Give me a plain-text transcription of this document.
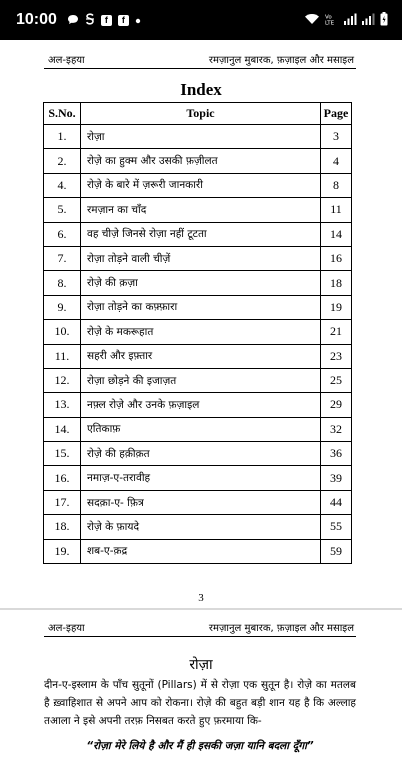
10:00	f	f	Vo
LTE
अल-इहया	रमज़ानुल मुबारक, फ़ज़ाइल और मसाइल
Index
S.No.	Topic	Page
1.	रोज़ा	3
2.	रोज़े का हुक्म और उसकी फ़ज़ीलत	4
4.	रोज़े के बारे में ज़रूरी जानकारी	8
5.	रमज़ान का चाँद	11
6.	वह चीज़े जिनसे रोज़ा नहीं टूटता	14
7.	रोज़ा तोड़ने वाली चीज़ें	16
8.	रोज़े की क़ज़ा	18
9.	रोज़ा तोड़ने का कफ़्फ़ारा	19
10.	रोज़े के मकरूहात	21
11.	सहरी और इफ़्तार	23
12.	रोज़ा छोड़ने की इजाज़त	25
13.	नफ़्ल रोज़े और उनके फ़ज़ाइल	29
14.	एतिकाफ़	32
15.	रोज़े की हक़ीक़त	36
16.	नमाज़-ए-तरावीह	39
17.	सदक़ा-ए- फ़ित्र	44
18.	रोज़े के फ़ायदे	55
19.	शब-ए-क़द्र	59
3
अल-इहया	रमज़ानुल मुबारक, फ़ज़ाइल और मसाइल
रोज़ा
दीन-ए-इस्लाम के पाँच सुतूनों (Pillars) में से रोज़ा एक सुतून है। रोज़े का मतलब है ख़्वाहिशात से अपने आप को रोकना। रोज़े की बहुत बड़ी शान यह है कि अल्लाह तआला ने इसे अपनी तरफ़ निसबत करते हुए फ़रमाया कि-
“रोज़ा मेरे लिये है और मैं ही इसकी जज़ा यानि बदला दूँगा”
